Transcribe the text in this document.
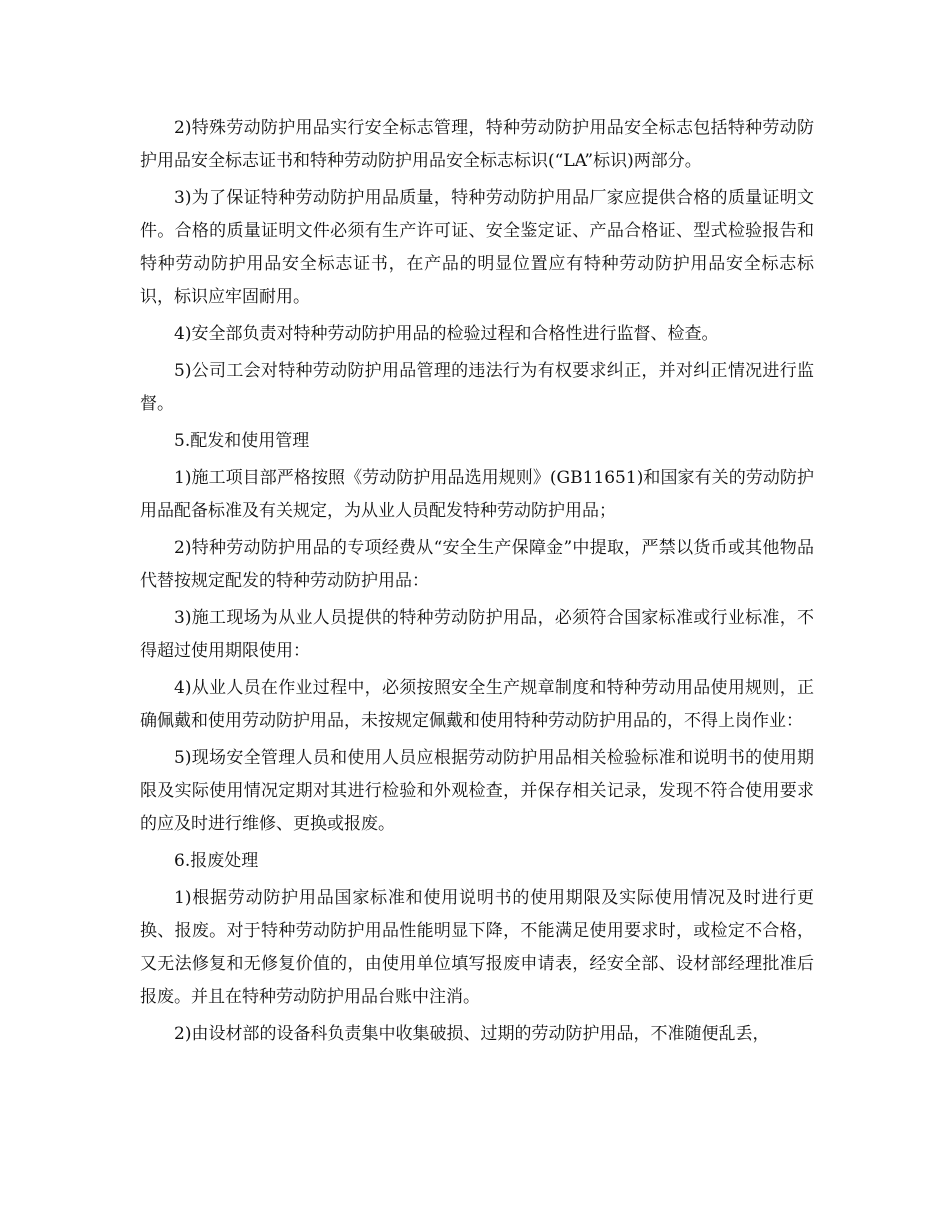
2)特殊劳动防护用品实行安全标志管理，特种劳动防护用品安全标志包括特种劳动防护用品安全标志证书和特种劳动防护用品安全标志标识(“LA”标识)两部分。

3)为了保证特种劳动防护用品质量，特种劳动防护用品厂家应提供合格的质量证明文件。合格的质量证明文件必须有生产许可证、安全鉴定证、产品合格证、型式检验报告和特种劳动防护用品安全标志证书，在产品的明显位置应有特种劳动防护用品安全标志标识，标识应牢固耐用。

4)安全部负责对特种劳动防护用品的检验过程和合格性进行监督、检查。

5)公司工会对特种劳动防护用品管理的违法行为有权要求纠正，并对纠正情况进行监督。

5.配发和使用管理

1)施工项目部严格按照《劳动防护用品选用规则》(GB11651)和国家有关的劳动防护用品配备标准及有关规定，为从业人员配发特种劳动防护用品；

2)特种劳动防护用品的专项经费从“安全生产保障金”中提取，严禁以货币或其他物品代替按规定配发的特种劳动防护用品：

3)施工现场为从业人员提供的特种劳动防护用品，必须符合国家标准或行业标准，不得超过使用期限使用：

4)从业人员在作业过程中，必须按照安全生产规章制度和特种劳动用品使用规则，正确佩戴和使用劳动防护用品，未按规定佩戴和使用特种劳动防护用品的，不得上岗作业：

5)现场安全管理人员和使用人员应根据劳动防护用品相关检验标准和说明书的使用期限及实际使用情况定期对其进行检验和外观检查，并保存相关记录，发现不符合使用要求的应及时进行维修、更换或报废。

6.报废处理

1)根据劳动防护用品国家标准和使用说明书的使用期限及实际使用情况及时进行更换、报废。对于特种劳动防护用品性能明显下降，不能满足使用要求时，或检定不合格，又无法修复和无修复价值的，由使用单位填写报废申请表，经安全部、设材部经理批准后报废。并且在特种劳动防护用品台账中注消。

2)由设材部的设备科负责集中收集破损、过期的劳动防护用品，不准随便乱丢，
